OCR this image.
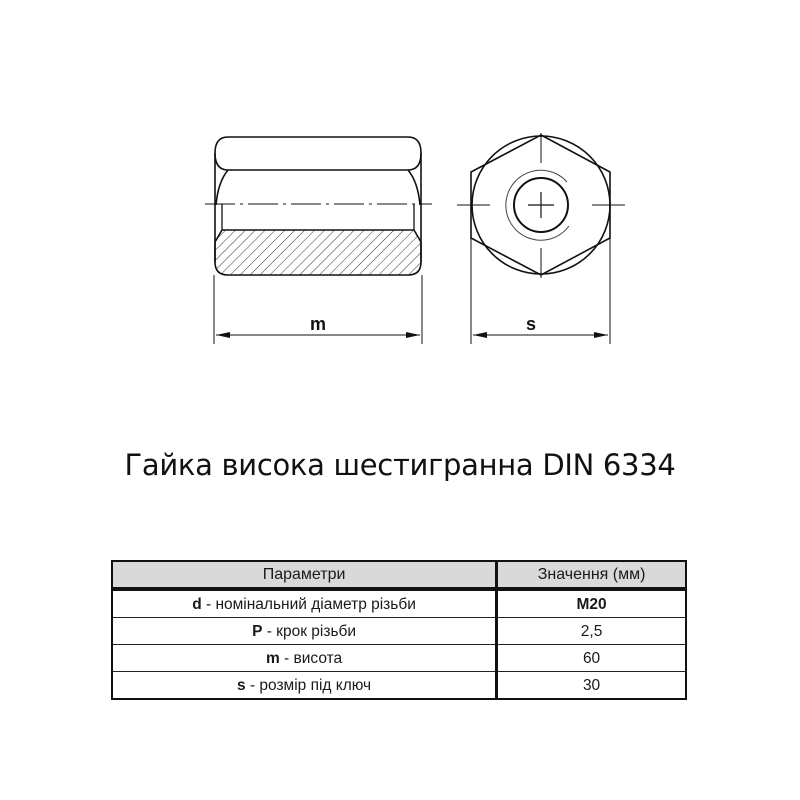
m	s
Гайка висока шестигранна DIN 6334
Параметри	Значення (мм)
d - номінальний діаметр різьби	M20
P - крок різьби	2,5
m - висота	60
s - розмір під ключ	30
